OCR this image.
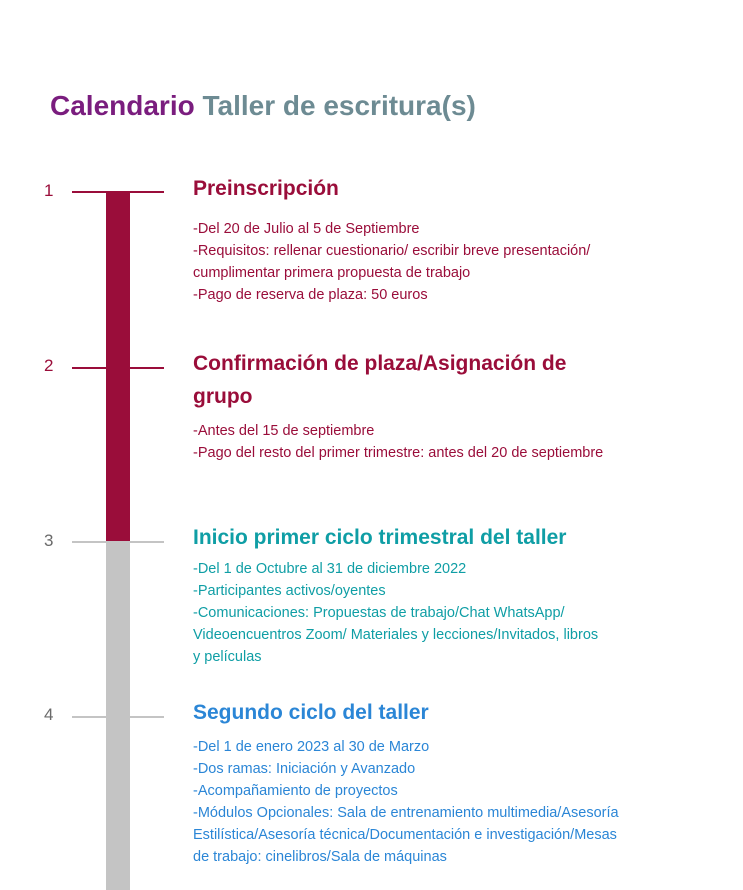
Calendario Taller de escritura(s)
1	Preinscripción
-Del 20 de Julio al 5 de Septiembre
-Requisitos: rellenar cuestionario/ escribir breve presentación/
cumplimentar primera propuesta de trabajo
-Pago de reserva de plaza: 50 euros
2	Confirmación de plaza/Asignación de
grupo
-Antes del 15 de septiembre
-Pago del resto del primer trimestre: antes del 20 de septiembre
3	Inicio primer ciclo trimestral del taller
-Del 1 de Octubre al 31 de diciembre 2022
-Participantes activos/oyentes
-Comunicaciones: Propuestas de trabajo/Chat WhatsApp/
Videoencuentros Zoom/ Materiales y lecciones/Invitados, libros
y películas
4	Segundo ciclo del taller
-Del 1 de enero 2023 al 30 de Marzo
-Dos ramas: Iniciación y Avanzado
-Acompañamiento de proyectos
-Módulos Opcionales: Sala de entrenamiento multimedia/Asesoría
Estilística/Asesoría técnica/Documentación e investigación/Mesas
de trabajo: cinelibros/Sala de máquinas
